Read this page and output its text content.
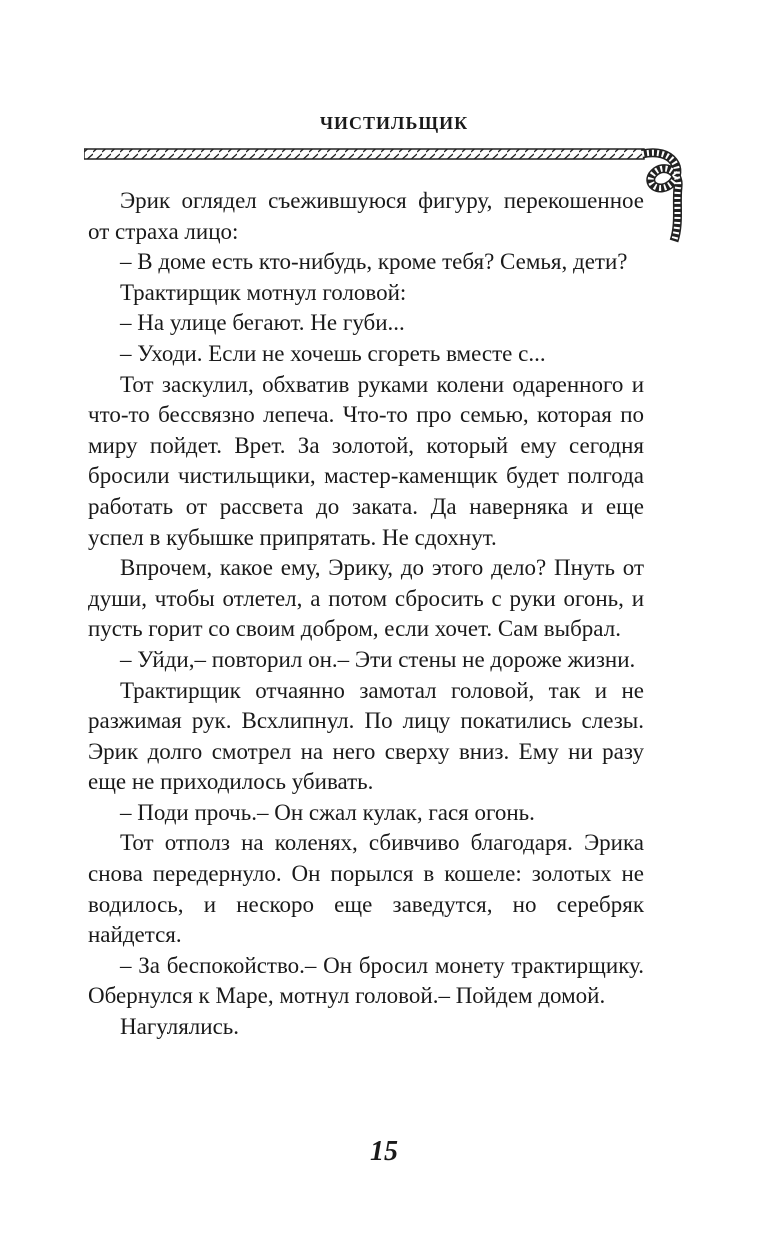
чистильщик

Эрик оглядел съежившуюся фигуру, перекошенное от страха лицо:

– В доме есть кто-нибудь, кроме тебя? Семья, дети?

Трактирщик мотнул головой:

– На улице бегают. Не губи...

– Уходи. Если не хочешь сгореть вместе с...

Тот заскулил, обхватив руками колени одаренного и что-то бессвязно лепеча. Что-то про семью, которая по миру пойдет. Врет. За золотой, который ему сегодня бросили чистильщики, мастер-каменщик будет полгода работать от рассвета до заката. Да наверняка и еще успел в кубышке припрятать. Не сдохнут.

Впрочем, какое ему, Эрику, до этого дело? Пнуть от души, чтобы отлетел, а потом сбросить с руки огонь, и пусть горит со своим добром, если хочет. Сам выбрал.

– Уйди,– повторил он.– Эти стены не дороже жизни.

Трактирщик отчаянно замотал головой, так и не разжимая рук. Всхлипнул. По лицу покатились слезы. Эрик долго смотрел на него сверху вниз. Ему ни разу еще не приходилось убивать.

– Поди прочь.– Он сжал кулак, гася огонь.

Тот отполз на коленях, сбивчиво благодаря. Эрика снова передернуло. Он порылся в кошеле: золотых не водилось, и нескоро еще заведутся, но серебряк найдется.

– За беспокойство.– Он бросил монету трактирщику. Обернулся к Маре, мотнул головой.– Пойдем домой.

Нагулялись.

15
